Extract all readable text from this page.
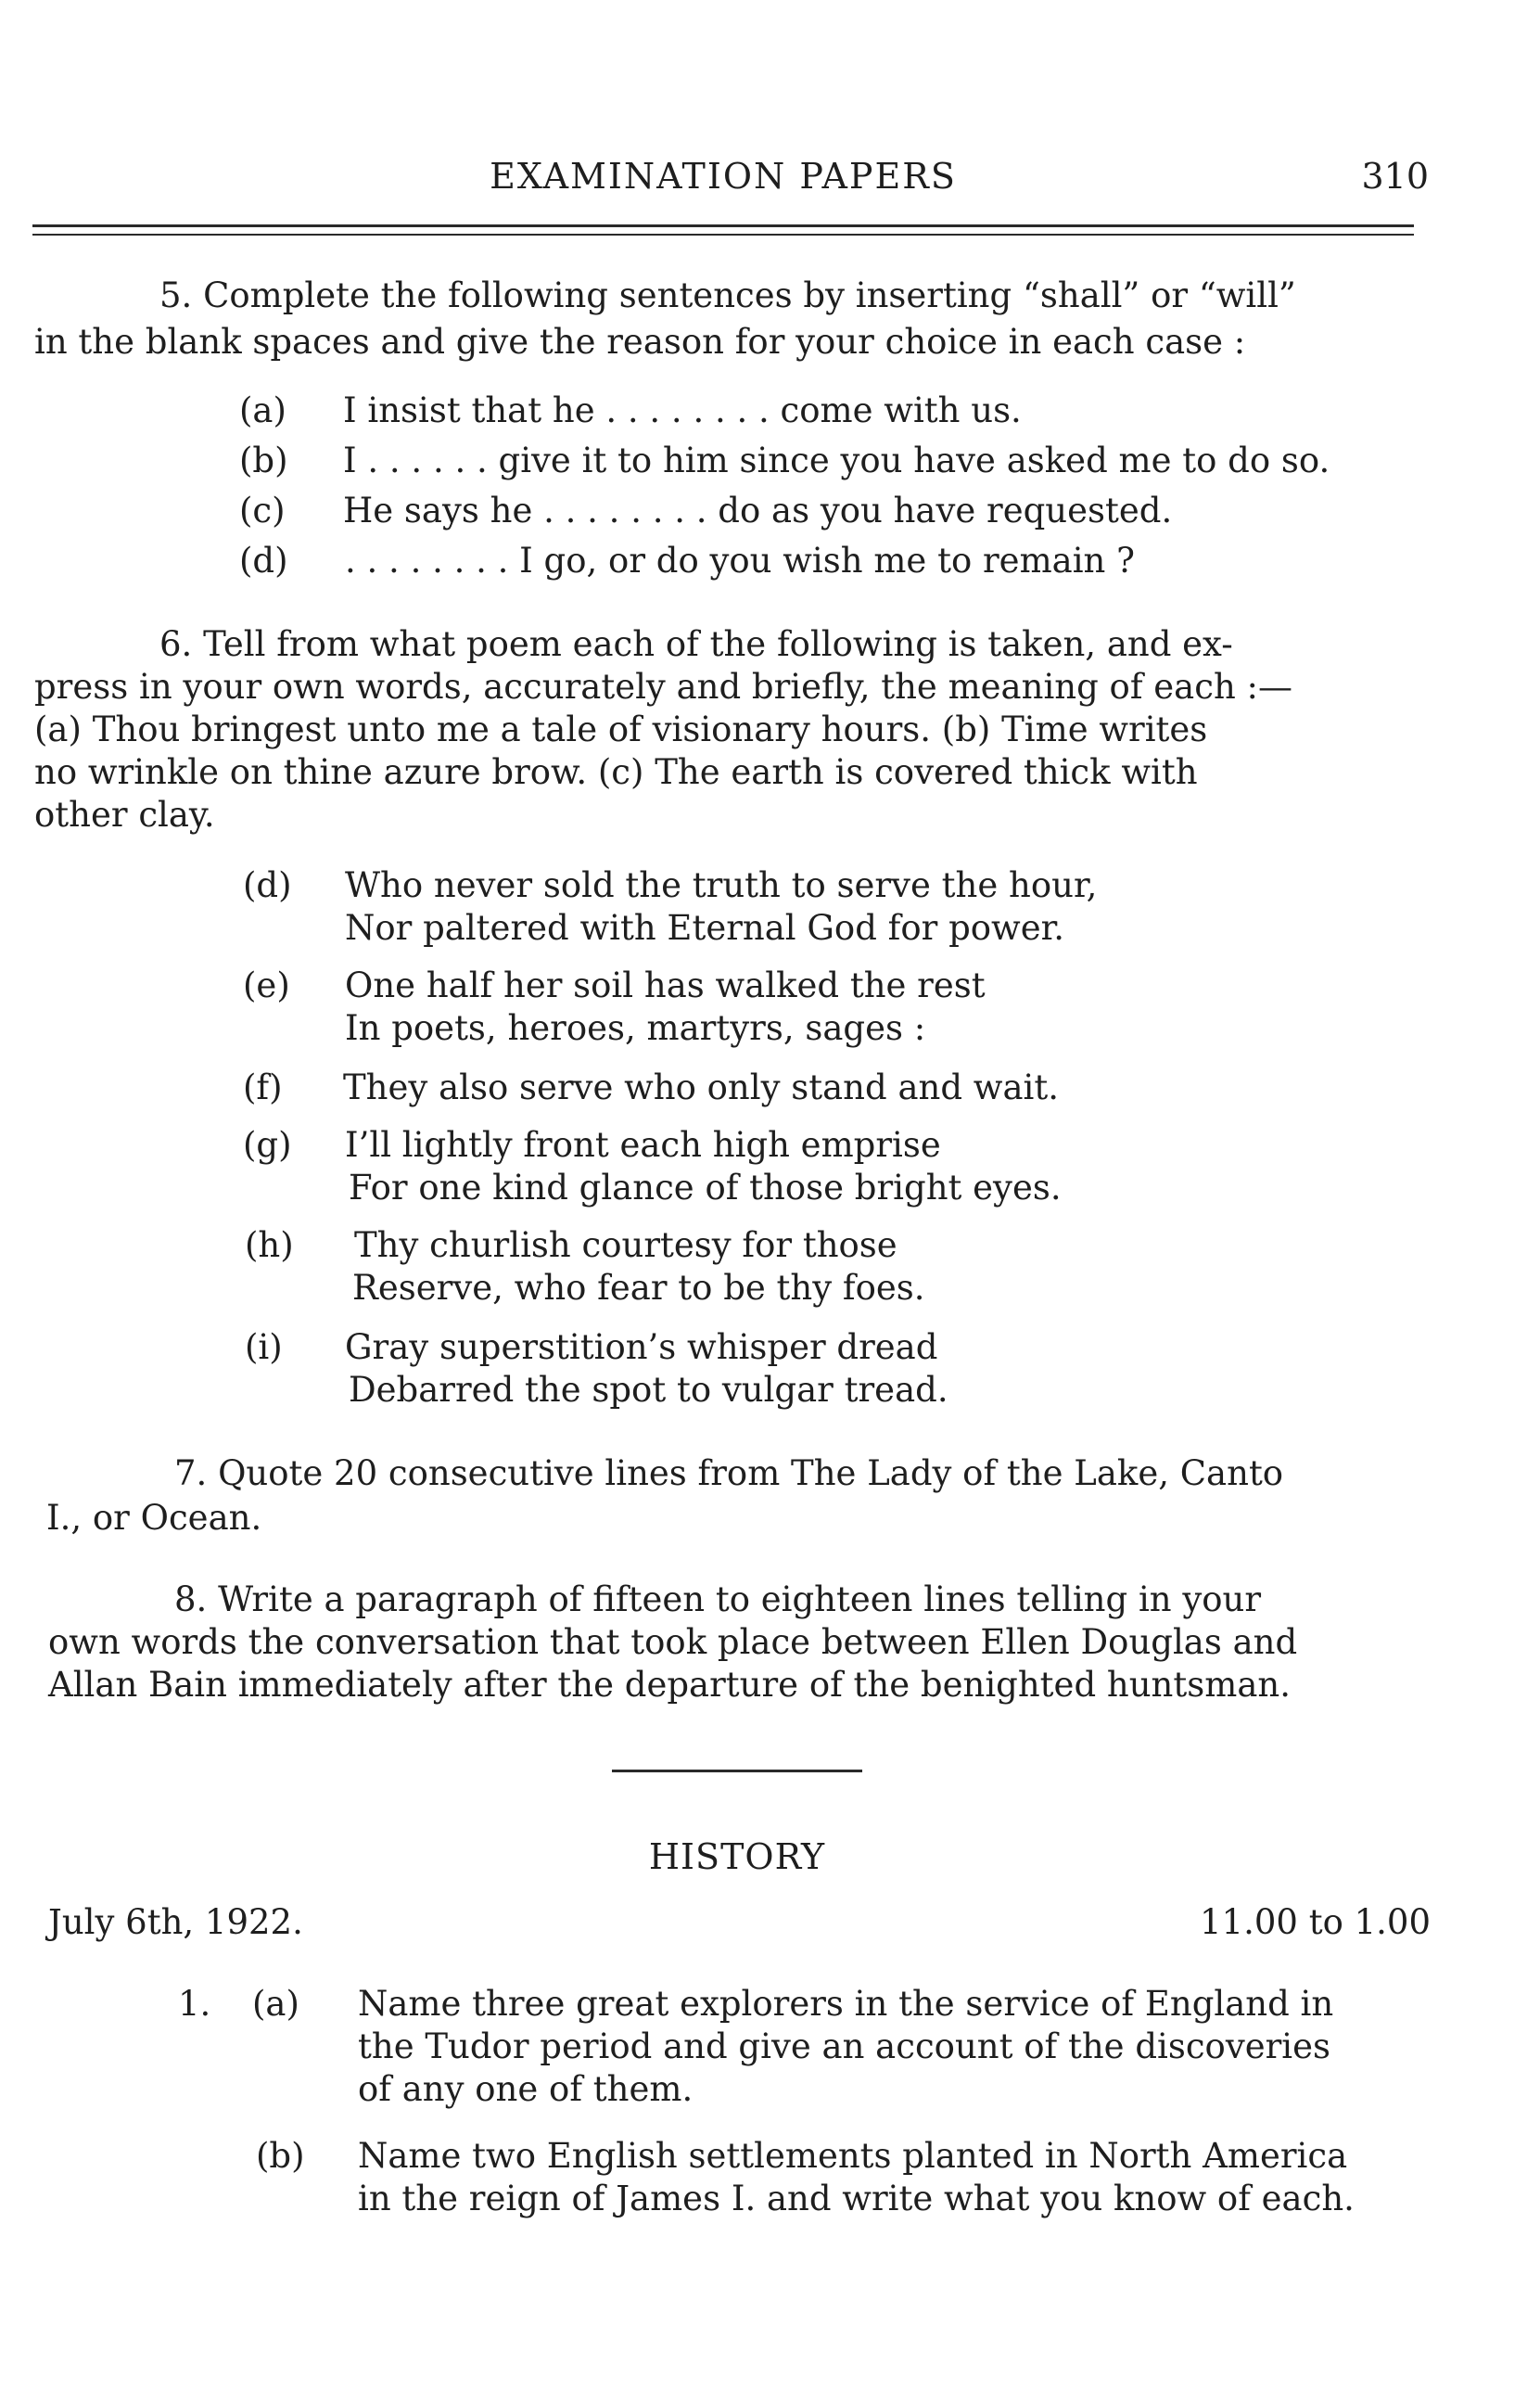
EXAMINATION PAPERS	310
5. Complete the following sentences by inserting “shall” or “will”
in the blank spaces and give the reason for your choice in each case :
(a) I insist that he . . . . . . . . come with us.
(b) I . . . . . . give it to him since you have asked me to do so.
(c) He says he . . . . . . . . do as you have requested.
(d) . . . . . . . . I go, or do you wish me to remain ?
6. Tell from what poem each of the following is taken, and ex-
press in your own words, accurately and briefly, the meaning of each :—
(a) Thou bringest unto me a tale of visionary hours. (b) Time writes
no wrinkle on thine azure brow. (c) The earth is covered thick with
other clay.
(d) Who never sold the truth to serve the hour,
Nor paltered with Eternal God for power.
(e) One half her soil has walked the rest
In poets, heroes, martyrs, sages :
(f) They also serve who only stand and wait.
(g) I’ll lightly front each high emprise
For one kind glance of those bright eyes.
(h) Thy churlish courtesy for those
Reserve, who fear to be thy foes.
(i) Gray superstition’s whisper dread
Debarred the spot to vulgar tread.
7. Quote 20 consecutive lines from The Lady of the Lake, Canto
I., or Ocean.
8. Write a paragraph of fifteen to eighteen lines telling in your
own words the conversation that took place between Ellen Douglas and
Allan Bain immediately after the departure of the benighted huntsman.
HISTORY
July 6th, 1922.	11.00 to 1.00
1. (a) Name three great explorers in the service of England in
the Tudor period and give an account of the discoveries
of any one of them.
(b) Name two English settlements planted in North America
in the reign of James I. and write what you know of each.
